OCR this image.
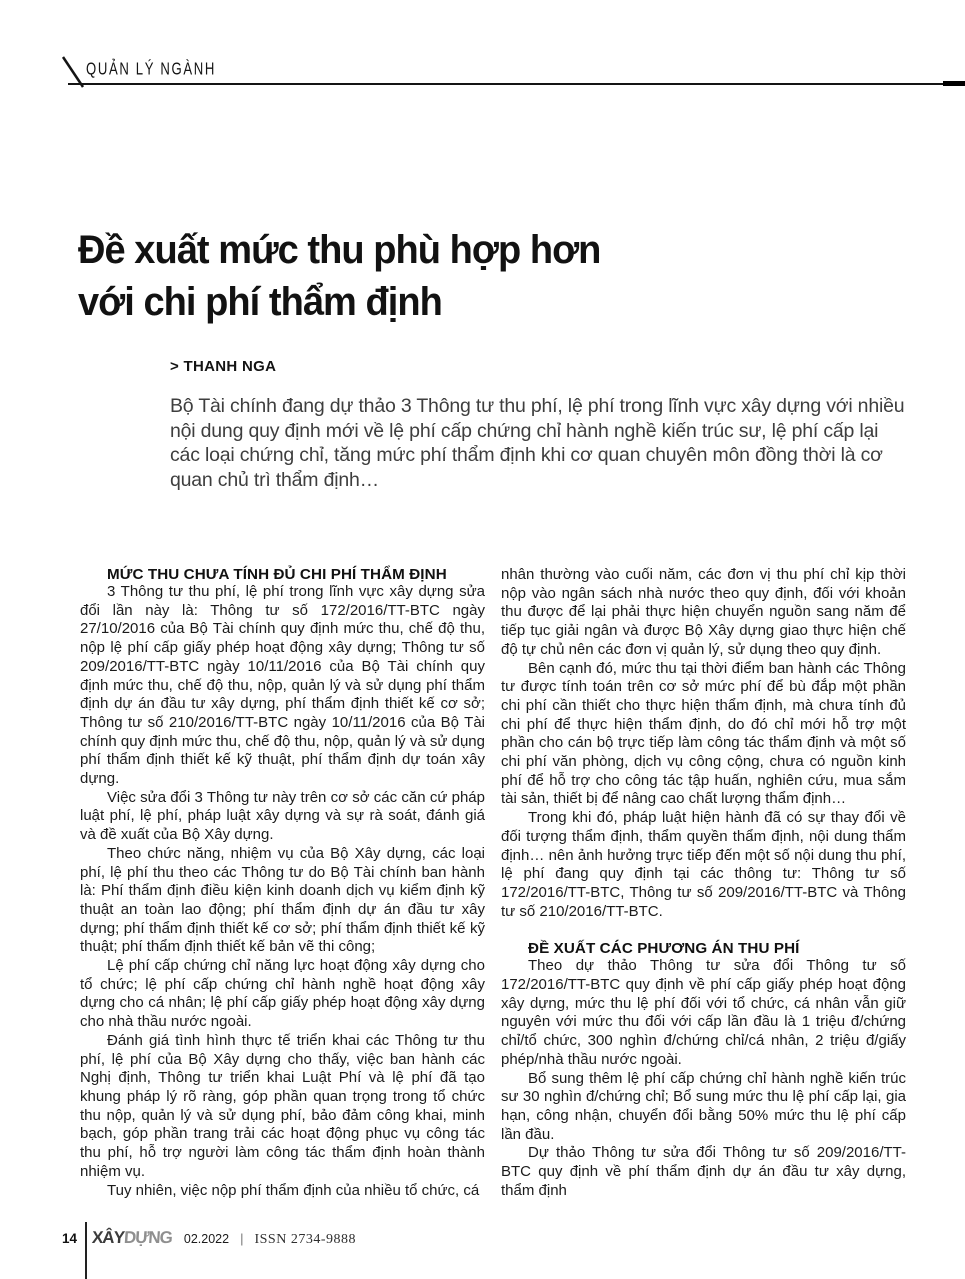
QUẢN LÝ NGÀNH
Đề xuất mức thu phù hợp hơn
với chi phí thẩm định
> THANH NGA
Bộ Tài chính đang dự thảo 3 Thông tư thu phí, lệ phí trong lĩnh vực xây dựng với nhiều nội dung quy định mới về lệ phí cấp chứng chỉ hành nghề kiến trúc sư, lệ phí cấp lại các loại chứng chỉ, tăng mức phí thẩm định khi cơ quan chuyên môn đồng thời là cơ quan chủ trì thẩm định…
MỨC THU CHƯA TÍNH ĐỦ CHI PHÍ THẨM ĐỊNH

3 Thông tư thu phí, lệ phí trong lĩnh vực xây dựng sửa đổi lần này là: Thông tư số 172/2016/TT-BTC ngày 27/10/2016 của Bộ Tài chính quy định mức thu, chế độ thu, nộp lệ phí cấp giấy phép hoạt động xây dựng; Thông tư số 209/2016/TT-BTC ngày 10/11/2016 của Bộ Tài chính quy định mức thu, chế độ thu, nộp, quản lý và sử dụng phí thẩm định dự án đầu tư xây dựng, phí thẩm định thiết kế cơ sở; Thông tư số 210/2016/TT-BTC ngày 10/11/2016 của Bộ Tài chính quy định mức thu, chế độ thu, nộp, quản lý và sử dụng phí thẩm định thiết kế kỹ thuật, phí thẩm định dự toán xây dựng.

Việc sửa đổi 3 Thông tư này trên cơ sở các căn cứ pháp luật phí, lệ phí, pháp luật xây dựng và sự rà soát, đánh giá và đề xuất của Bộ Xây dựng.

Theo chức năng, nhiệm vụ của Bộ Xây dựng, các loại phí, lệ phí thu theo các Thông tư do Bộ Tài chính ban hành là: Phí thẩm định điều kiện kinh doanh dịch vụ kiểm định kỹ thuật an toàn lao động; phí thẩm định dự án đầu tư xây dựng; phí thẩm định thiết kế cơ sở; phí thẩm định thiết kế kỹ thuật; phí thẩm định thiết kế bản vẽ thi công;

Lệ phí cấp chứng chỉ năng lực hoạt động xây dựng cho tổ chức; lệ phí cấp chứng chỉ hành nghề hoạt động xây dựng cho cá nhân; lệ phí cấp giấy phép hoạt động xây dựng cho nhà thầu nước ngoài.

Đánh giá tình hình thực tế triển khai các Thông tư thu phí, lệ phí của Bộ Xây dựng cho thấy, việc ban hành các Nghị định, Thông tư triển khai Luật Phí và lệ phí đã tạo khung pháp lý rõ ràng, góp phần quan trọng trong tổ chức thu nộp, quản lý và sử dụng phí, bảo đảm công khai, minh bạch, góp phần trang trải các hoạt động phục vụ công tác thu phí, hỗ trợ người làm công tác thẩm định hoàn thành nhiệm vụ.

Tuy nhiên, việc nộp phí thẩm định của nhiều tổ chức, cá

nhân thường vào cuối năm, các đơn vị thu phí chỉ kịp thời nộp vào ngân sách nhà nước theo quy định, đối với khoản thu được để lại phải thực hiện chuyển nguồn sang năm để tiếp tục giải ngân và được Bộ Xây dựng giao thực hiện chế độ tự chủ nên các đơn vị quản lý, sử dụng theo quy định.

Bên cạnh đó, mức thu tại thời điểm ban hành các Thông tư được tính toán trên cơ sở mức phí để bù đắp một phần chi phí cần thiết cho thực hiện thẩm định, mà chưa tính đủ chi phí để thực hiện thẩm định, do đó chỉ mới hỗ trợ một phần cho cán bộ trực tiếp làm công tác thẩm định và một số chi phí văn phòng, dịch vụ công cộng, chưa có nguồn kinh phí để hỗ trợ cho công tác tập huấn, nghiên cứu, mua sắm tài sản, thiết bị để nâng cao chất lượng thẩm định…

Trong khi đó, pháp luật hiện hành đã có sự thay đổi về đối tượng thẩm định, thẩm quyền thẩm định, nội dung thẩm định… nên ảnh hưởng trực tiếp đến một số nội dung thu phí, lệ phí đang quy định tại các thông tư: Thông tư số 172/2016/TT-BTC, Thông tư số 209/2016/TT-BTC và Thông tư số 210/2016/TT-BTC.

ĐỀ XUẤT CÁC PHƯƠNG ÁN THU PHÍ

Theo dự thảo Thông tư sửa đổi Thông tư số 172/2016/TT-BTC quy định về phí cấp giấy phép hoạt động xây dựng, mức thu lệ phí đối với tổ chức, cá nhân vẫn giữ nguyên với mức thu đối với cấp lần đầu là 1 triệu đ/chứng chỉ/tổ chức, 300 nghìn đ/chứng chỉ/cá nhân, 2 triệu đ/giấy phép/nhà thầu nước ngoài.

Bổ sung thêm lệ phí cấp chứng chỉ hành nghề kiến trúc sư 30 nghìn đ/chứng chỉ; Bổ sung mức thu lệ phí cấp lại, gia hạn, công nhận, chuyển đổi bằng 50% mức thu lệ phí cấp lần đầu.

Dự thảo Thông tư sửa đổi Thông tư số 209/2016/TT-BTC quy định về phí thẩm định dự án đầu tư xây dựng, thẩm định

14 XÂYDỰNG 02.2022 | ISSN 2734-9888
